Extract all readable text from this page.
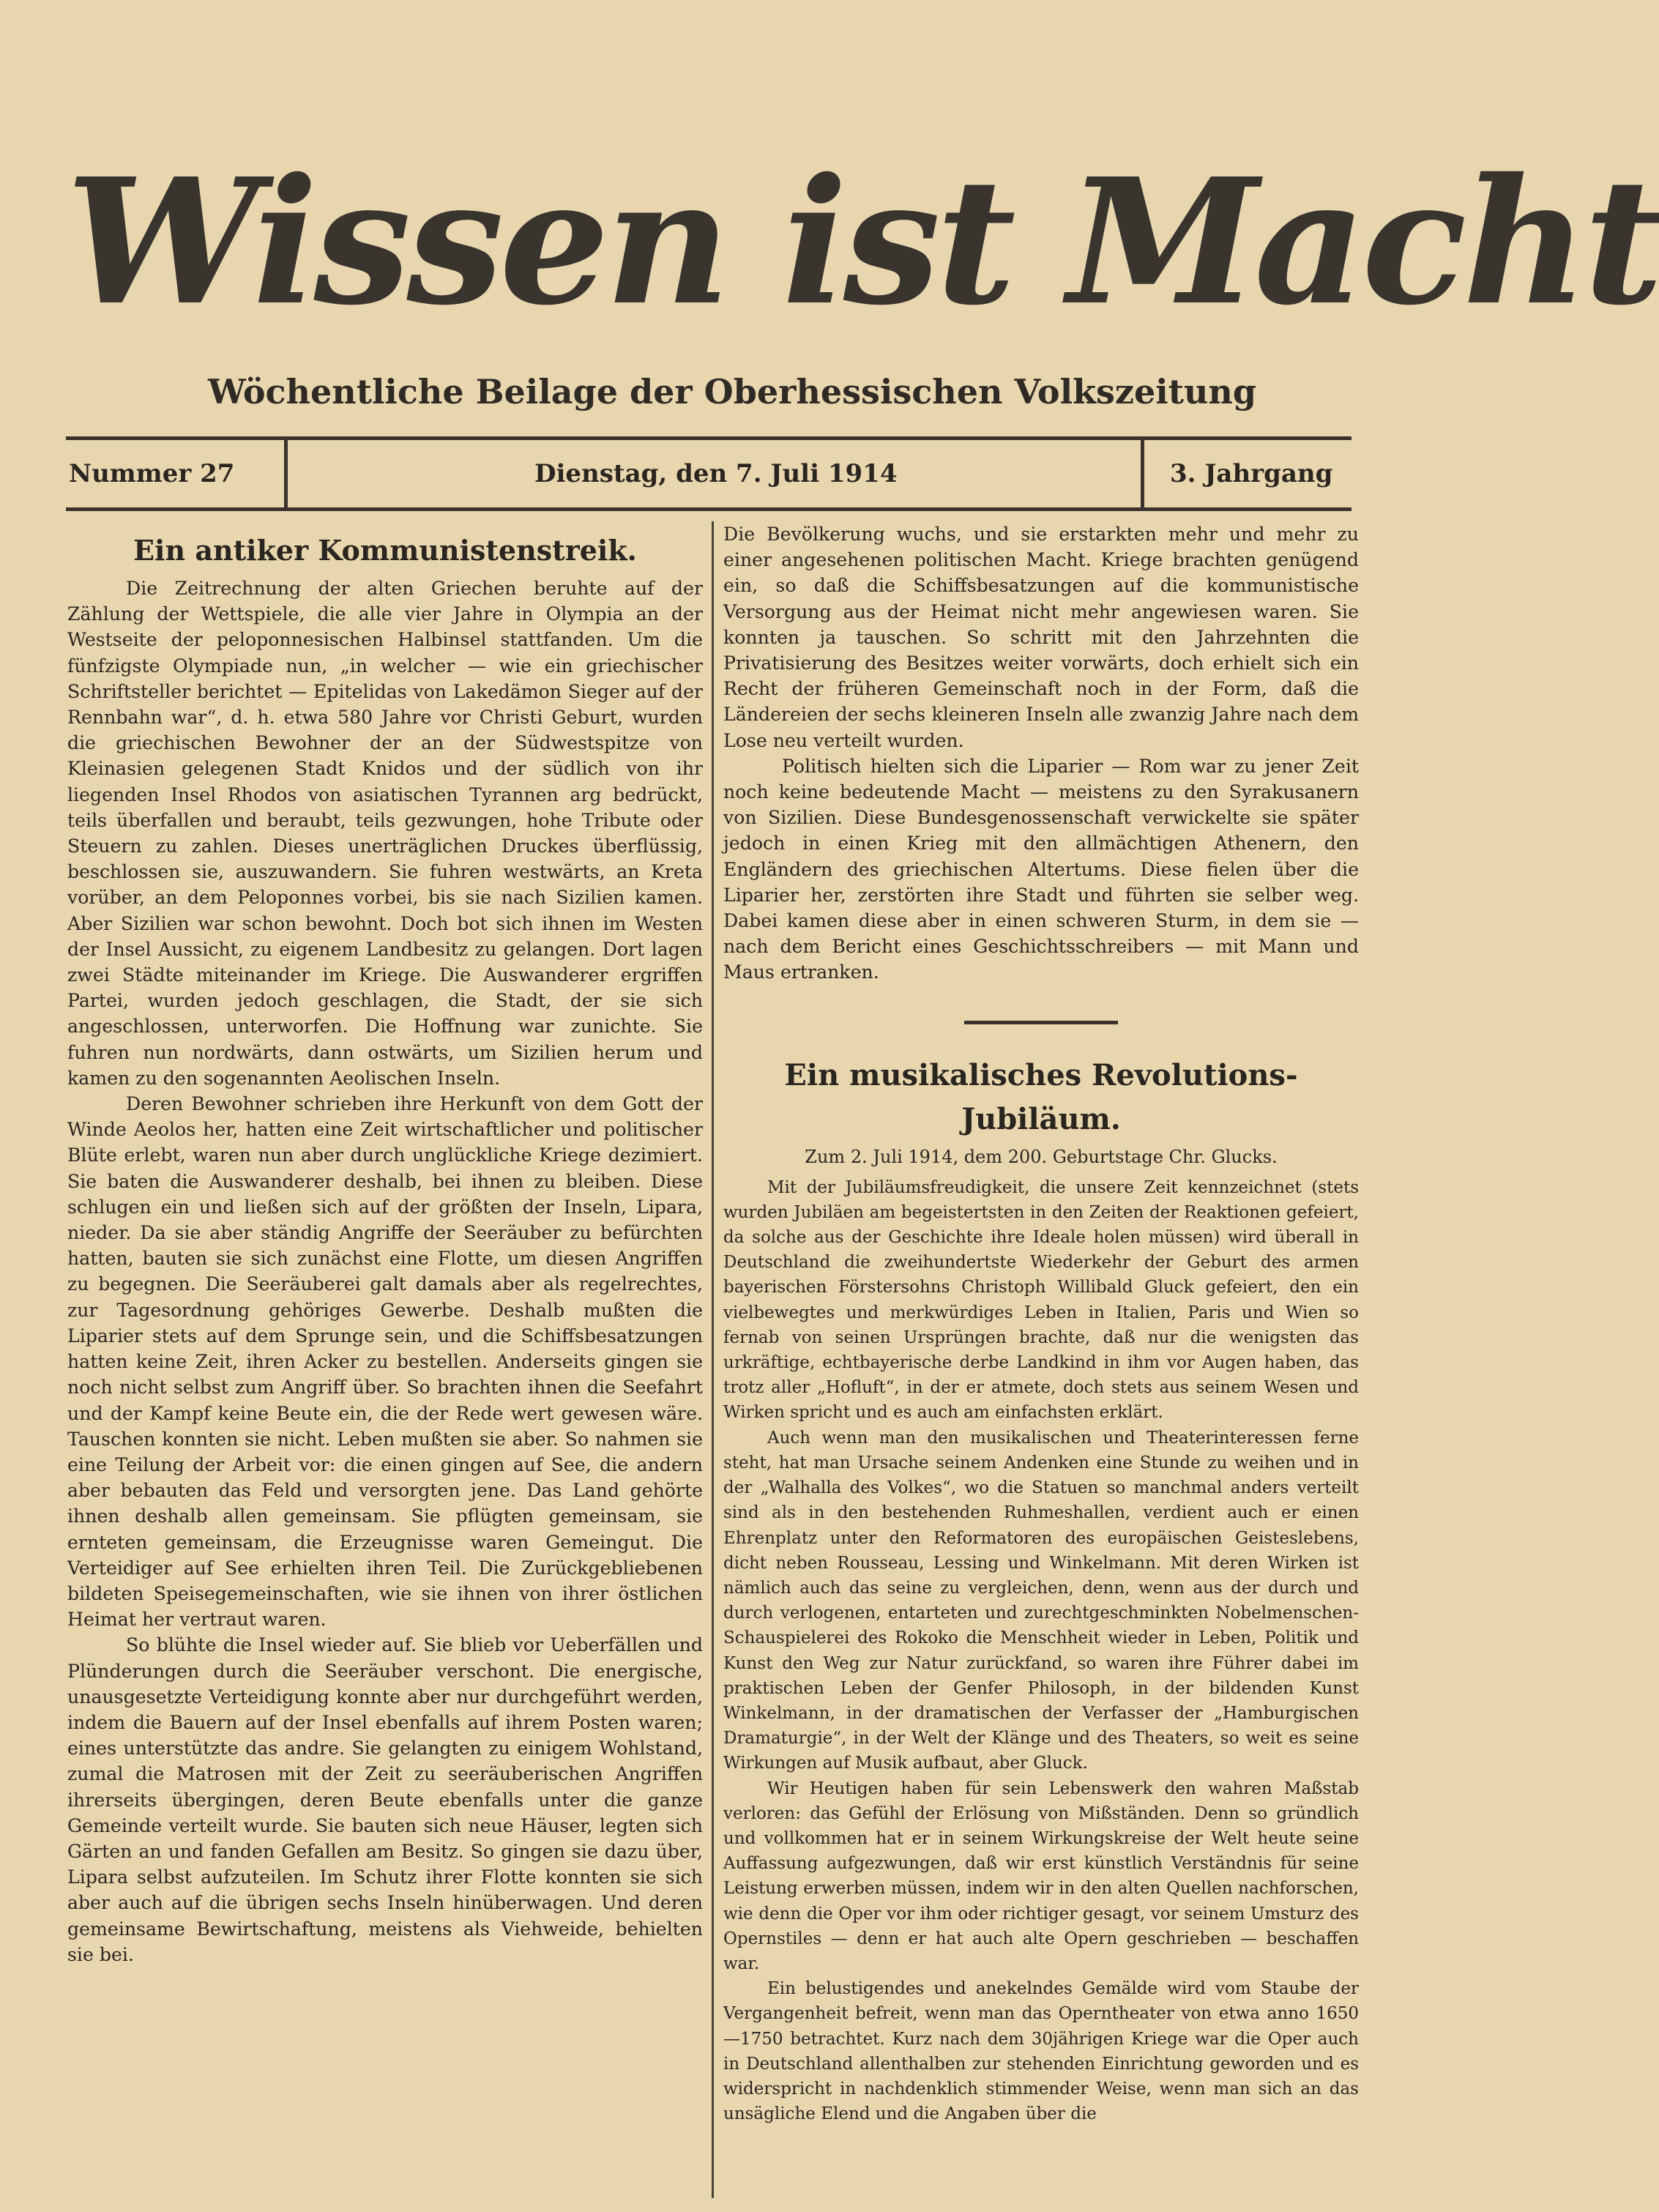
Wissen ist Macht
Wöchentliche Beilage der Oberhessischen Volkszeitung
Nummer 27	Dienstag, den 7. Juli 1914	3. Jahrgang
Ein antiker Kommunistenstreik.

Die Zeitrechnung der alten Griechen beruhte auf der Zählung der Wettspiele, die alle vier Jahre in Olympia an der Westseite der peloponnesischen Halbinsel stattfanden. Um die fünfzigste Olympiade nun, „in welcher — wie ein griechischer Schriftsteller berichtet — Epitelidas von Lakedämon Sieger auf der Rennbahn war“, d. h. etwa 580 Jahre vor Christi Geburt, wurden die griechischen Bewohner der an der Südwestspitze von Kleinasien gelegenen Stadt Knidos und der südlich von ihr liegenden Insel Rhodos von asiatischen Tyrannen arg bedrückt, teils überfallen und beraubt, teils gezwungen, hohe Tribute oder Steuern zu zahlen. Dieses unerträglichen Druckes überflüssig, beschlossen sie, auszuwandern. Sie fuhren westwärts, an Kreta vorüber, an dem Peloponnes vorbei, bis sie nach Sizilien kamen. Aber Sizilien war schon bewohnt. Doch bot sich ihnen im Westen der Insel Aussicht, zu eigenem Landbesitz zu gelangen. Dort lagen zwei Städte miteinander im Kriege. Die Auswanderer ergriffen Partei, wurden jedoch geschlagen, die Stadt, der sie sich angeschlossen, unterworfen. Die Hoffnung war zunichte. Sie fuhren nun nordwärts, dann ostwärts, um Sizilien herum und kamen zu den sogenannten Aeolischen Inseln.

Deren Bewohner schrieben ihre Herkunft von dem Gott der Winde Aeolos her, hatten eine Zeit wirtschaftlicher und politischer Blüte erlebt, waren nun aber durch unglückliche Kriege dezimiert. Sie baten die Auswanderer deshalb, bei ihnen zu bleiben. Diese schlugen ein und ließen sich auf der größten der Inseln, Lipara, nieder. Da sie aber ständig Angriffe der Seeräuber zu befürchten hatten, bauten sie sich zunächst eine Flotte, um diesen Angriffen zu begegnen. Die Seeräuberei galt damals aber als regelrechtes, zur Tagesordnung gehöriges Gewerbe. Deshalb mußten die Liparier stets auf dem Sprunge sein, und die Schiffsbesatzungen hatten keine Zeit, ihren Acker zu bestellen. Anderseits gingen sie noch nicht selbst zum Angriff über. So brachten ihnen die Seefahrt und der Kampf keine Beute ein, die der Rede wert gewesen wäre. Tauschen konnten sie nicht. Leben mußten sie aber. So nahmen sie eine Teilung der Arbeit vor: die einen gingen auf See, die andern aber bebauten das Feld und versorgten jene. Das Land gehörte ihnen deshalb allen gemeinsam. Sie pflügten gemeinsam, sie ernteten gemeinsam, die Erzeugnisse waren Gemeingut. Die Verteidiger auf See erhielten ihren Teil. Die Zurückgebliebenen bildeten Speisegemeinschaften, wie sie ihnen von ihrer östlichen Heimat her vertraut waren.

So blühte die Insel wieder auf. Sie blieb vor Ueberfällen und Plünderungen durch die Seeräuber verschont. Die energische, unausgesetzte Verteidigung konnte aber nur durchgeführt werden, indem die Bauern auf der Insel ebenfalls auf ihrem Posten waren; eines unterstützte das andre. Sie gelangten zu einigem Wohlstand, zumal die Matrosen mit der Zeit zu seeräuberischen Angriffen ihrerseits übergingen, deren Beute ebenfalls unter die ganze Gemeinde verteilt wurde. Sie bauten sich neue Häuser, legten sich Gärten an und fanden Gefallen am Besitz. So gingen sie dazu über, Lipara selbst aufzuteilen. Im Schutz ihrer Flotte konnten sie sich aber auch auf die übrigen sechs Inseln hinüberwagen. Und deren gemeinsame Bewirtschaftung, meistens als Viehweide, behielten sie bei.

Die Bevölkerung wuchs, und sie erstarkten mehr und mehr zu einer angesehenen politischen Macht. Kriege brachten genügend ein, so daß die Schiffsbesatzungen auf die kommunistische Versorgung aus der Heimat nicht mehr angewiesen waren. Sie konnten ja tauschen. So schritt mit den Jahrzehnten die Privatisierung des Besitzes weiter vorwärts, doch erhielt sich ein Recht der früheren Gemeinschaft noch in der Form, daß die Ländereien der sechs kleineren Inseln alle zwanzig Jahre nach dem Lose neu verteilt wurden.

Politisch hielten sich die Liparier — Rom war zu jener Zeit noch keine bedeutende Macht — meistens zu den Syrakusanern von Sizilien. Diese Bundesgenossenschaft verwickelte sie später jedoch in einen Krieg mit den allmächtigen Athenern, den Engländern des griechischen Altertums. Diese fielen über die Liparier her, zerstörten ihre Stadt und führten sie selber weg. Dabei kamen diese aber in einen schweren Sturm, in dem sie — nach dem Bericht eines Geschichtsschreibers — mit Mann und Maus ertranken.

Ein musikalisches Revolutions-Jubiläum.
Zum 2. Juli 1914, dem 200. Geburtstage Chr. Glucks.

Mit der Jubiläumsfreudigkeit, die unsere Zeit kennzeichnet (stets wurden Jubiläen am begeistertsten in den Zeiten der Reaktionen gefeiert, da solche aus der Geschichte ihre Ideale holen müssen) wird überall in Deutschland die zweihundertste Wiederkehr der Geburt des armen bayerischen Förstersohns Christoph Willibald Gluck gefeiert, den ein vielbewegtes und merkwürdiges Leben in Italien, Paris und Wien so fernab von seinen Ursprüngen brachte, daß nur die wenigsten das urkräftige, echtbayerische derbe Landkind in ihm vor Augen haben, das trotz aller „Hofluft“, in der er atmete, doch stets aus seinem Wesen und Wirken spricht und es auch am einfachsten erklärt.

Auch wenn man den musikalischen und Theaterinteressen ferne steht, hat man Ursache seinem Andenken eine Stunde zu weihen und in der „Walhalla des Volkes“, wo die Statuen so manchmal anders verteilt sind als in den bestehenden Ruhmeshallen, verdient auch er einen Ehrenplatz unter den Reformatoren des europäischen Geisteslebens, dicht neben Rousseau, Lessing und Winkelmann. Mit deren Wirken ist nämlich auch das seine zu vergleichen, denn, wenn aus der durch und durch verlogenen, entarteten und zurechtgeschminkten Nobelmenschen-Schauspielerei des Rokoko die Menschheit wieder in Leben, Politik und Kunst den Weg zur Natur zurückfand, so waren ihre Führer dabei im praktischen Leben der Genfer Philosoph, in der bildenden Kunst Winkelmann, in der dramatischen der Verfasser der „Hamburgischen Dramaturgie“, in der Welt der Klänge und des Theaters, so weit es seine Wirkungen auf Musik aufbaut, aber Gluck.

Wir Heutigen haben für sein Lebenswerk den wahren Maßstab verloren: das Gefühl der Erlösung von Mißständen. Denn so gründlich und vollkommen hat er in seinem Wirkungskreise der Welt heute seine Auffassung aufgezwungen, daß wir erst künstlich Verständnis für seine Leistung erwerben müssen, indem wir in den alten Quellen nachforschen, wie denn die Oper vor ihm oder richtiger gesagt, vor seinem Umsturz des Opernstiles — denn er hat auch alte Opern geschrieben — beschaffen war.

Ein belustigendes und anekelndes Gemälde wird vom Staube der Vergangenheit befreit, wenn man das Operntheater von etwa anno 1650—1750 betrachtet. Kurz nach dem 30jährigen Kriege war die Oper auch in Deutschland allenthalben zur stehenden Einrichtung geworden und es widerspricht in nachdenklich stimmender Weise, wenn man sich an das unsägliche Elend und die Angaben über die
